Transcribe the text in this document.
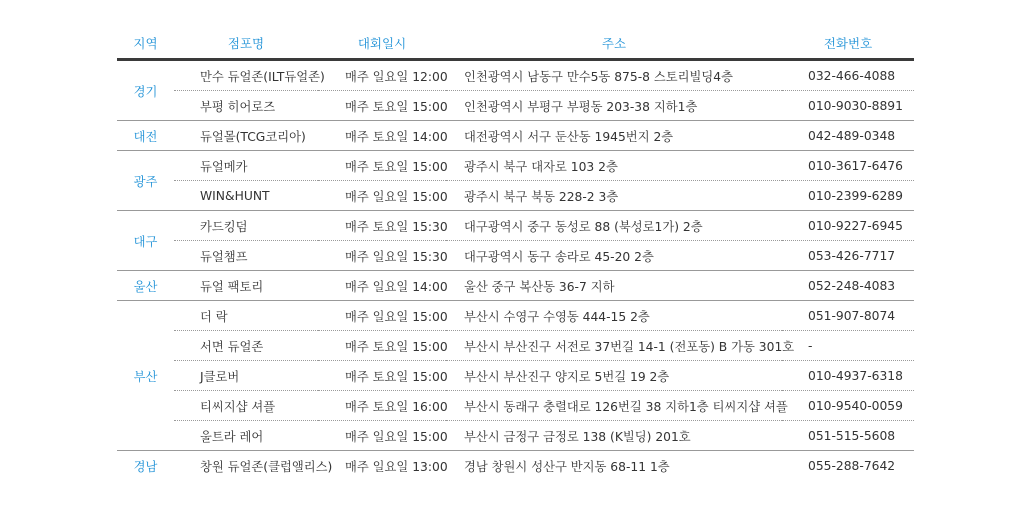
지역	점포명	대회일시	주소	전화번호
경기	만수 듀얼존(ILT듀얼존)	매주 일요일 12:00	인천광역시 남동구 만수5동 875-8 스토리빌딩4층	032-466-4088
	부평 히어로즈	매주 토요일 15:00	인천광역시 부평구 부평동 203-38 지하1층	010-9030-8891
대전	듀얼몰(TCG코리아)	매주 토요일 14:00	대전광역시 서구 둔산동 1945번지 2층	042-489-0348
광주	듀얼메카	매주 토요일 15:00	광주시 북구 대자로 103 2층	010-3617-6476
	WIN&HUNT	매주 일요일 15:00	광주시 북구 북동 228-2 3층	010-2399-6289
대구	카드킹덤	매주 토요일 15:30	대구광역시 중구 동성로 88 (북성로1가) 2층	010-9227-6945
	듀얼챔프	매주 일요일 15:30	대구광역시 동구 송라로 45-20 2층	053-426-7717
울산	듀얼 팩토리	매주 일요일 14:00	울산 중구 복산동 36-7 지하	052-248-4083
부산	더 락	매주 일요일 15:00	부산시 수영구 수영동 444-15 2층	051-907-8074
	서면 듀얼존	매주 토요일 15:00	부산시 부산진구 서전로 37번길 14-1 (전포동) B 가동 301호	-
	J클로버	매주 토요일 15:00	부산시 부산진구 양지로 5번길 19 2층	010-4937-6318
	티씨지샵 셔플	매주 토요일 16:00	부산시 동래구 충렬대로 126번길 38 지하1층 티씨지샵 셔플	010-9540-0059
	울트라 레어	매주 일요일 15:00	부산시 금정구 금정로 138 (K빌딩) 201호	051-515-5608
경남	창원 듀얼존(클럽앨리스)	매주 일요일 13:00	경남 창원시 성산구 반지동 68-11 1층	055-288-7642
